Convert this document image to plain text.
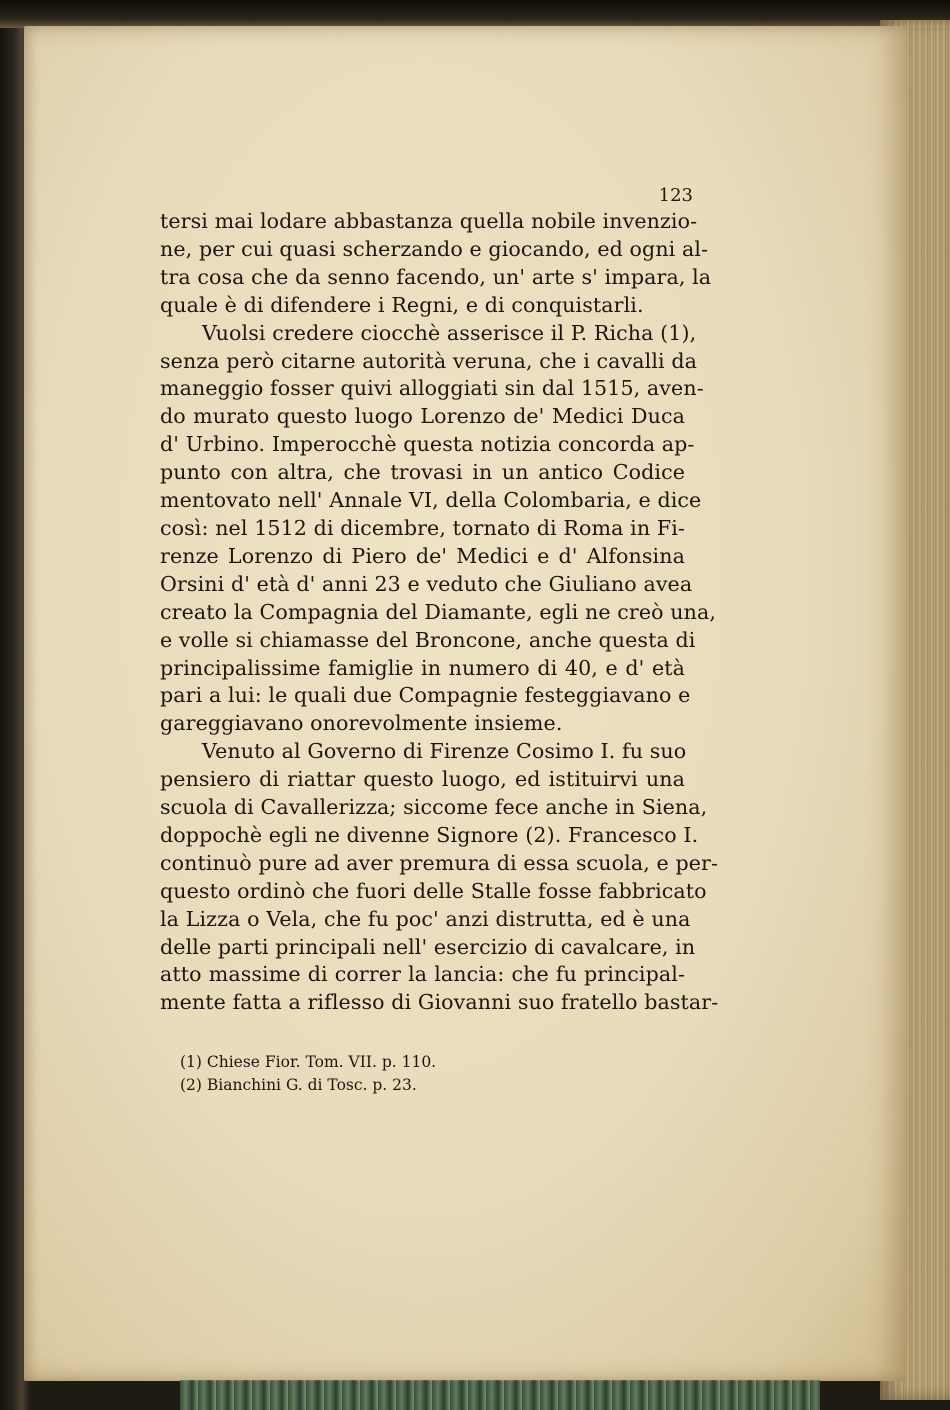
123
tersi mai lodare abbastanza quella nobile invenzio-
ne, per cui quasi scherzando e giocando, ed ogni al-
tra cosa che da senno facendo, un' arte s' impara, la
quale è di difendere i Regni, e di conquistarli.
Vuolsi credere ciocchè asserisce il P. Richa (1),
senza però citarne autorità veruna, che i cavalli da
maneggio fosser quivi alloggiati sin dal 1515, aven-
do murato questo luogo Lorenzo de' Medici Duca
d' Urbino. Imperocchè questa notizia concorda ap-
punto con altra, che trovasi in un antico Codice
mentovato nell' Annale VI, della Colombaria, e dice
così: nel 1512 di dicembre, tornato di Roma in Fi-
renze Lorenzo di Piero de' Medici e d' Alfonsina
Orsini d' età d' anni 23 e veduto che Giuliano avea
creato la Compagnia del Diamante, egli ne creò una,
e volle si chiamasse del Broncone, anche questa di
principalissime famiglie in numero di 40, e d' età
pari a lui: le quali due Compagnie festeggiavano e
gareggiavano onorevolmente insieme.
Venuto al Governo di Firenze Cosimo I. fu suo
pensiero di riattar questo luogo, ed istituirvi una
scuola di Cavallerizza; siccome fece anche in Siena,
doppochè egli ne divenne Signore (2). Francesco I.
continuò pure ad aver premura di essa scuola, e per-
questo ordinò che fuori delle Stalle fosse fabbricato
la Lizza o Vela, che fu poc' anzi distrutta, ed è una
delle parti principali nell' esercizio di cavalcare, in
atto massime di correr la lancia: che fu principal-
mente fatta a riflesso di Giovanni suo fratello bastar-
(1) Chiese Fior. Tom. VII. p. 110.
(2) Bianchini G. di Tosc. p. 23.
